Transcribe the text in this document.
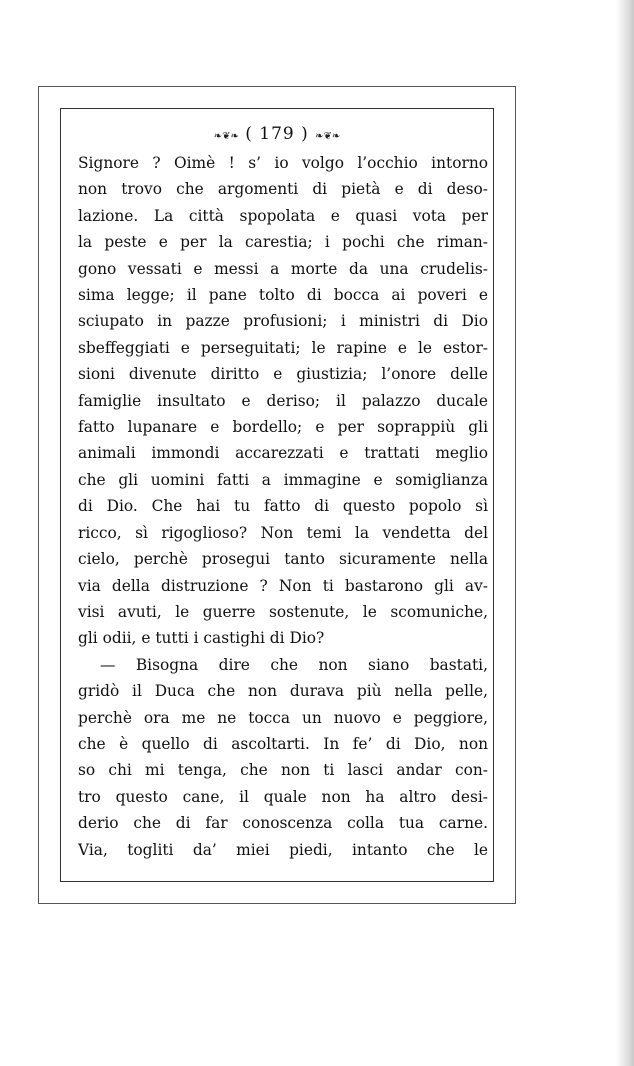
❧❦❧ ( 179 ) ❧❦❧
Signore ? Oimè ! s’ io volgo l’occhio intorno
non trovo che argomenti di pietà e di deso-
lazione. La città spopolata e quasi vota per
la peste e per la carestia; i pochi che riman-
gono vessati e messi a morte da una crudelis-
sima legge; il pane tolto di bocca ai poveri e
sciupato in pazze profusioni; i ministri di Dio
sbeffeggiati e perseguitati; le rapine e le estor-
sioni divenute diritto e giustizia; l’onore delle
famiglie insultato e deriso; il palazzo ducale
fatto lupanare e bordello; e per soprappiù gli
animali immondi accarezzati e trattati meglio
che gli uomini fatti a immagine e somiglianza
di Dio. Che hai tu fatto di questo popolo sì
ricco, sì rigoglioso? Non temi la vendetta del
cielo, perchè prosegui tanto sicuramente nella
via della distruzione ? Non ti bastarono gli av-
visi avuti, le guerre sostenute, le scomuniche,
gli odii, e tutti i castighi di Dio?
— Bisogna dire che non siano bastati,
gridò il Duca che non durava più nella pelle,
perchè ora me ne tocca un nuovo e peggiore,
che è quello di ascoltarti. In fe’ di Dio, non
so chi mi tenga, che non ti lasci andar con-
tro questo cane, il quale non ha altro desi-
derio che di far conoscenza colla tua carne.
Via, togliti da’ miei piedi, intanto che le
